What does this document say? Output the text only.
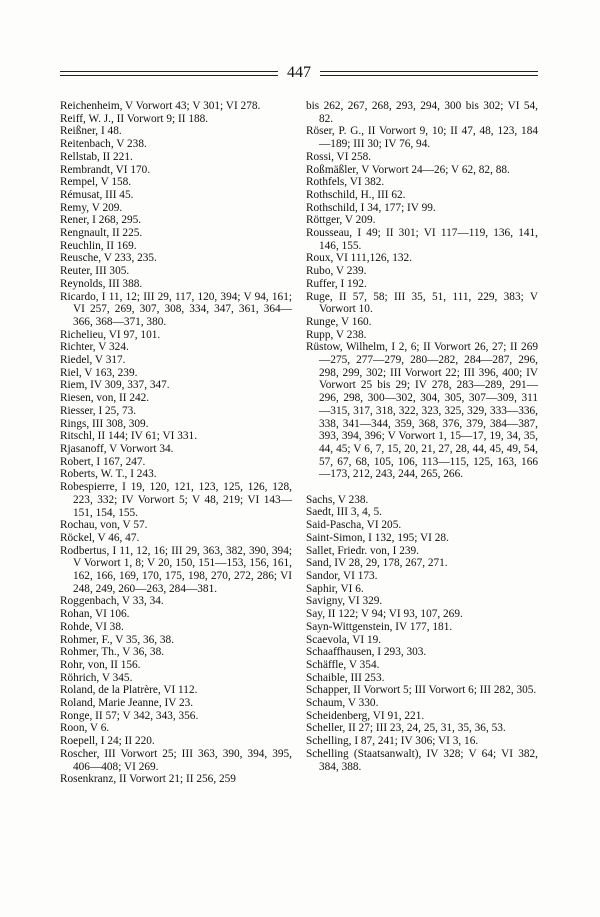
447
Reichenheim, V Vorwort 43; V 301; VI 278.
Reiff, W. J., II Vorwort 9; II 188.
Reißner, I 48.
Reitenbach, V 238.
Rellstab, II 221.
Rembrandt, VI 170.
Rempel, V 158.
Rémusat, III 45.
Remy, V 209.
Rener, I 268, 295.
Rengnault, II 225.
Reuchlin, II 169.
Reusche, V 233, 235.
Reuter, III 305.
Reynolds, III 388.
Ricardo, I 11, 12; III 29, 117, 120, 394; V 94, 161; VI 257, 269, 307, 308, 334, 347, 361, 364—366, 368—371, 380.
Richelieu, VI 97, 101.
Richter, V 324.
Riedel, V 317.
Riel, V 163, 239.
Riem, IV 309, 337, 347.
Riesen, von, II 242.
Riesser, I 25, 73.
Rings, III 308, 309.
Ritschl, II 144; IV 61; VI 331.
Rjasanoff, V Vorwort 34.
Robert, I 167, 247.
Roberts, W. T., I 243.
Robespierre, I 19, 120, 121, 123, 125, 126, 128, 223, 332; IV Vorwort 5; V 48, 219; VI 143—151, 154, 155.
Rochau, von, V 57.
Röckel, V 46, 47.
Rodbertus, I 11, 12, 16; III 29, 363, 382, 390, 394; V Vorwort 1, 8; V 20, 150, 151—153, 156, 161, 162, 166, 169, 170, 175, 198, 270, 272, 286; VI 248, 249, 260—263, 284—381.
Roggenbach, V 33, 34.
Rohan, VI 106.
Rohde, VI 38.
Rohmer, F., V 35, 36, 38.
Rohmer, Th., V 36, 38.
Rohr, von, II 156.
Röhrich, V 345.
Roland, de la Platrère, VI 112.
Roland, Marie Jeanne, IV 23.
Ronge, II 57; V 342, 343, 356.
Roon, V 6.
Roepell, I 24; II 220.
Roscher, III Vorwort 25; III 363, 390, 394, 395, 406—408; VI 269.
Rosenkranz, II Vorwort 21; II 256, 259
bis 262, 267, 268, 293, 294, 300 bis 302; VI 54, 82.
Röser, P. G., II Vorwort 9, 10; II 47, 48, 123, 184—189; III 30; IV 76, 94.
Rossi, VI 258.
Roßmäßler, V Vorwort 24—26; V 62, 82, 88.
Rothfels, VI 382.
Rothschild, H., III 62.
Rothschild, I 34, 177; IV 99.
Röttger, V 209.
Rousseau, I 49; II 301; VI 117—119, 136, 141, 146, 155.
Roux, VI 111,126, 132.
Rubo, V 239.
Ruffer, I 192.
Ruge, II 57, 58; III 35, 51, 111, 229, 383; V Vorwort 10.
Runge, V 160.
Rupp, V 238.
Rüstow, Wilhelm, I 2, 6; II Vorwort 26, 27; II 269—275, 277—279, 280—282, 284—287, 296, 298, 299, 302; III Vorwort 22; III 396, 400; IV Vorwort 25 bis 29; IV 278, 283—289, 291—296, 298, 300—302, 304, 305, 307—309, 311—315, 317, 318, 322, 323, 325, 329, 333—336, 338, 341—344, 359, 368, 376, 379, 384—387, 393, 394, 396; V Vorwort 1, 15—17, 19, 34, 35, 44, 45; V 6, 7, 15, 20, 21, 27, 28, 44, 45, 49, 54, 57, 67, 68, 105, 106, 113—115, 125, 163, 166—173, 212, 243, 244, 265, 266.
Sachs, V 238.
Saedt, III 3, 4, 5.
Said-Pascha, VI 205.
Saint-Simon, I 132, 195; VI 28.
Sallet, Friedr. von, I 239.
Sand, IV 28, 29, 178, 267, 271.
Sandor, VI 173.
Saphir, VI 6.
Savigny, VI 329.
Say, II 122; V 94; VI 93, 107, 269.
Sayn-Wittgenstein, IV 177, 181.
Scaevola, VI 19.
Schaaffhausen, I 293, 303.
Schäffle, V 354.
Schaible, III 253.
Schapper, II Vorwort 5; III Vorwort 6; III 282, 305.
Schaum, V 330.
Scheidenberg, VI 91, 221.
Scheller, II 27; III 23, 24, 25, 31, 35, 36, 53.
Schelling, I 87, 241; IV 306; VI 3, 16.
Schelling (Staatsanwalt), IV 328; V 64; VI 382, 384, 388.
